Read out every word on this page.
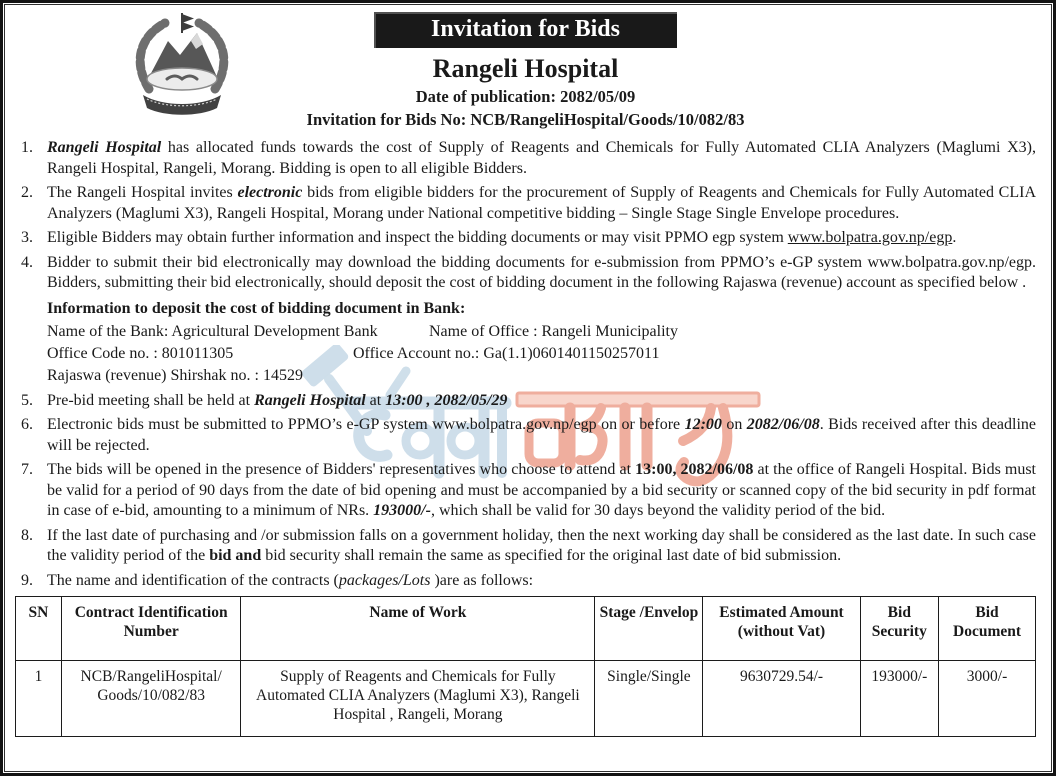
Invitation for Bids
Rangeli Hospital
Date of publication: 2082/05/09
Invitation for Bids No: NCB/RangeliHospital/Goods/10/082/83
1. Rangeli Hospital has allocated funds towards the cost of Supply of Reagents and Chemicals for Fully Automated CLIA Analyzers (Maglumi X3), Rangeli Hospital, Rangeli, Morang. Bidding is open to all eligible Bidders.
2. The Rangeli Hospital invites electronic bids from eligible bidders for the procurement of Supply of Reagents and Chemicals for Fully Automated CLIA Analyzers (Maglumi X3), Rangeli Hospital, Morang under National competitive bidding – Single Stage Single Envelope procedures.
3. Eligible Bidders may obtain further information and inspect the bidding documents or may visit PPMO egp system www.bolpatra.gov.np/egp.
4. Bidder to submit their bid electronically may download the bidding documents for e-submission from PPMO’s e-GP system www.bolpatra.gov.np/egp. Bidders, submitting their bid electronically, should deposit the cost of bidding document in the following Rajaswa (revenue) account as specified below .
Information to deposit the cost of bidding document in Bank:
Name of the Bank: Agricultural Development Bank	Name of Office : Rangeli Municipality
Office Code no. : 801011305	Office Account no.: Ga(1.1)0601401150257011
Rajaswa (revenue) Shirshak no. : 14529
5. Pre-bid meeting shall be held at Rangeli Hospital at 13:00 , 2082/05/29
6. Electronic bids must be submitted to PPMO’s e-GP system www.bolpatra.gov.np/egp on or before 12:00 on 2082/06/08. Bids received after this deadline will be rejected.
7. The bids will be opened in the presence of Bidders' representatives who choose to attend at 13:00, 2082/06/08 at the office of Rangeli Hospital. Bids must be valid for a period of 90 days from the date of bid opening and must be accompanied by a bid security or scanned copy of the bid security in pdf format in case of e-bid, amounting to a minimum of NRs. 193000/-, which shall be valid for 30 days beyond the validity period of the bid.
8. If the last date of purchasing and /or submission falls on a government holiday, then the next working day shall be considered as the last date. In such case the validity period of the bid and bid security shall remain the same as specified for the original last date of bid submission.
9. The name and identification of the contracts (packages/Lots )are as follows:
SN	Contract Identification Number	Name of Work	Stage /Envelop	Estimated Amount (without Vat)	Bid Security	Bid Document
1	NCB/RangeliHospital/ Goods/10/082/83	Supply of Reagents and Chemicals for Fully Automated CLIA Analyzers (Maglumi X3), Rangeli Hospital , Rangeli, Morang	Single/Single	9630729.54/-	193000/-	3000/-
